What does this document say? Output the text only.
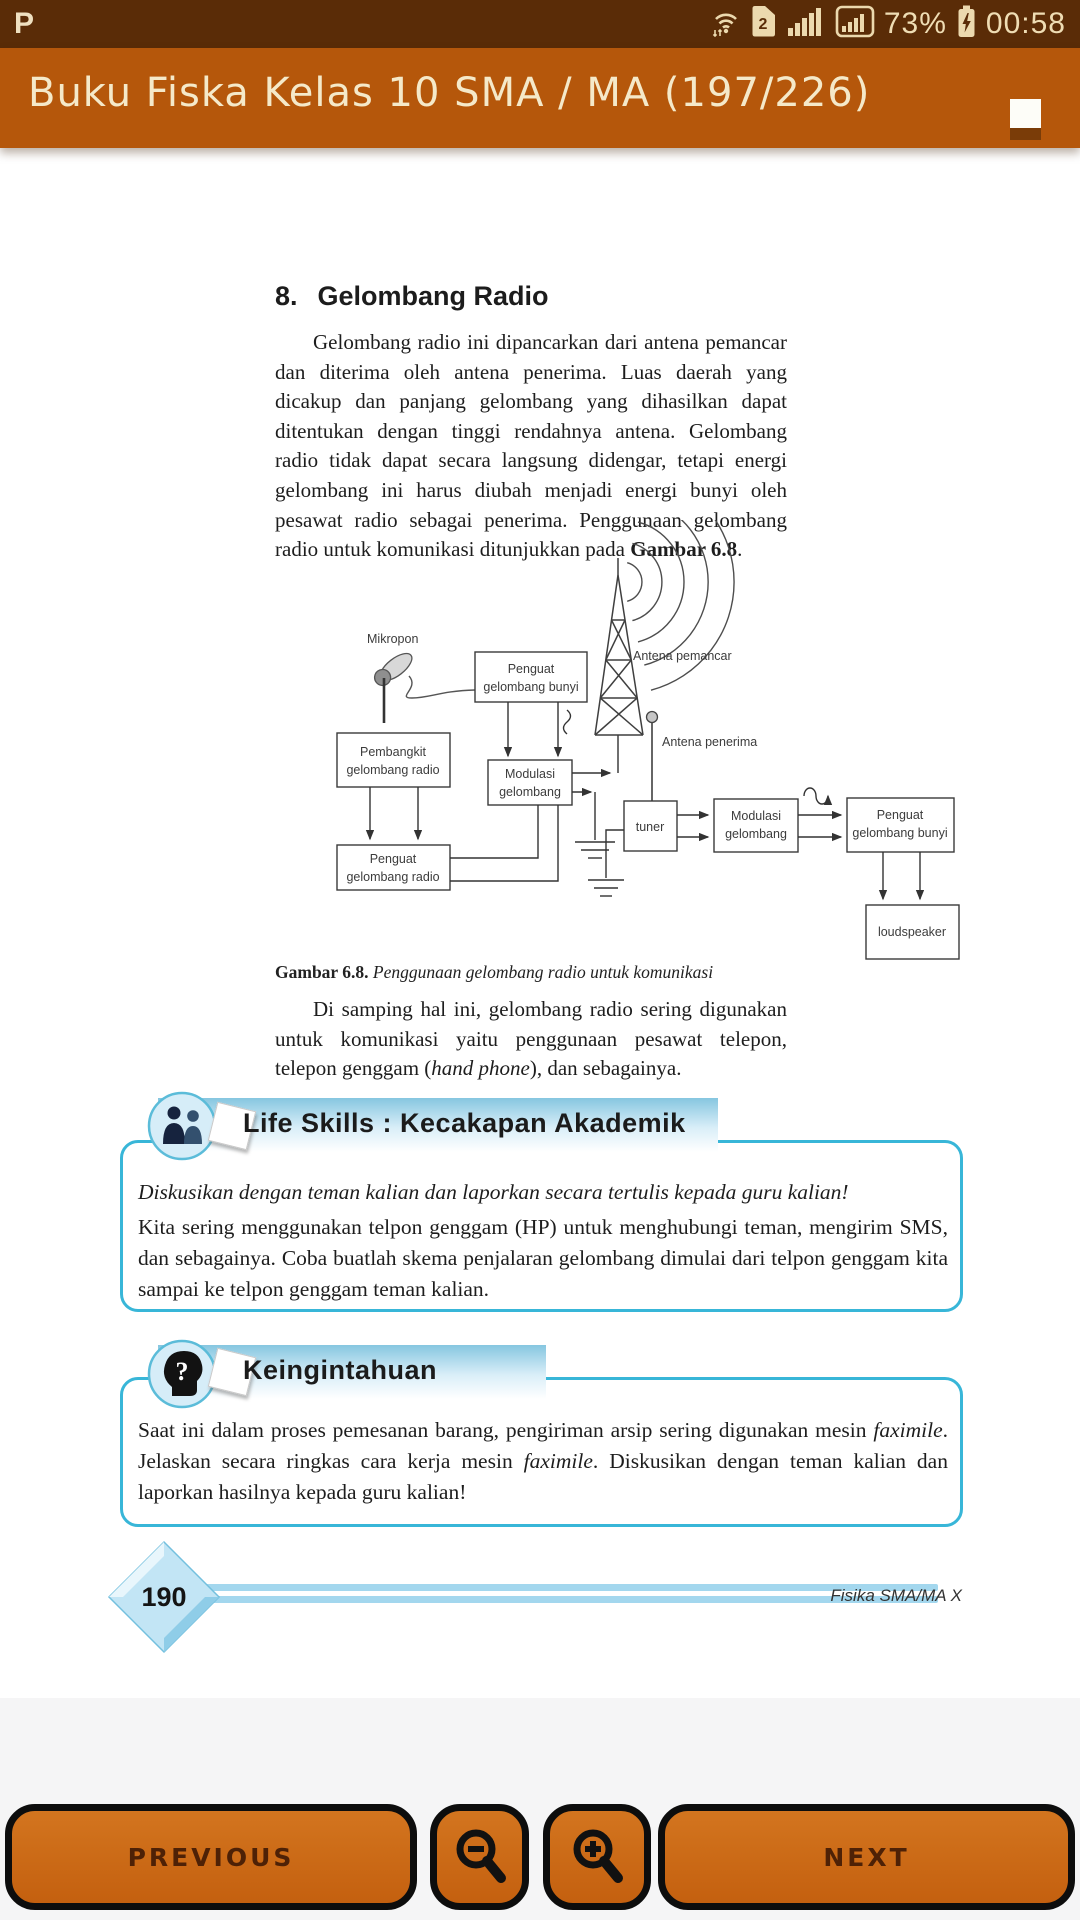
P	2	73% 00:58
Buku Fiska Kelas 10 SMA / MA (197/226)
8. Gelombang Radio

Gelombang radio ini dipancarkan dari antena pemancar dan diterima oleh antena penerima. Luas daerah yang dicakup dan panjang gelombang yang dihasilkan dapat ditentukan dengan tinggi rendahnya antena. Gelombang radio tidak dapat secara langsung didengar, tetapi energi gelombang ini harus diubah menjadi energi bunyi oleh pesawat radio sebagai penerima. Penggunaan gelombang radio untuk komunikasi ditunjukkan pada Gambar 6.8.

Mikropon
Antena pemancar
Antena penerima
Penguat
gelombang bunyi
Pembangkit
gelombang radio	Modulasi
gelombang
Penguat
gelombang radio
tuner
Modulasi
gelombang
Penguat
gelombang bunyi
loudspeaker

Gambar 6.8. Penggunaan gelombang radio untuk komunikasi

Di samping hal ini, gelombang radio sering digunakan untuk komunikasi yaitu penggunaan pesawat telepon, telepon genggam (hand phone), dan sebagainya.

Life Skills : Kecakapan Akademik

Diskusikan dengan teman kalian dan laporkan secara tertulis kepada guru kalian!

Kita sering menggunakan telpon genggam (HP) untuk menghubungi teman, mengirim SMS, dan sebagainya. Coba buatlah skema penjalaran gelombang dimulai dari telpon genggam kita sampai ke telpon genggam teman kalian.

? Keingintahuan

Saat ini dalam proses pemesanan barang, pengiriman arsip sering digunakan mesin faximile. Jelaskan secara ringkas cara kerja mesin faximile. Diskusikan dengan teman kalian dan laporkan hasilnya kepada guru kalian!

190	Fisika SMA/MA X
PREVIOUS	NEXT
